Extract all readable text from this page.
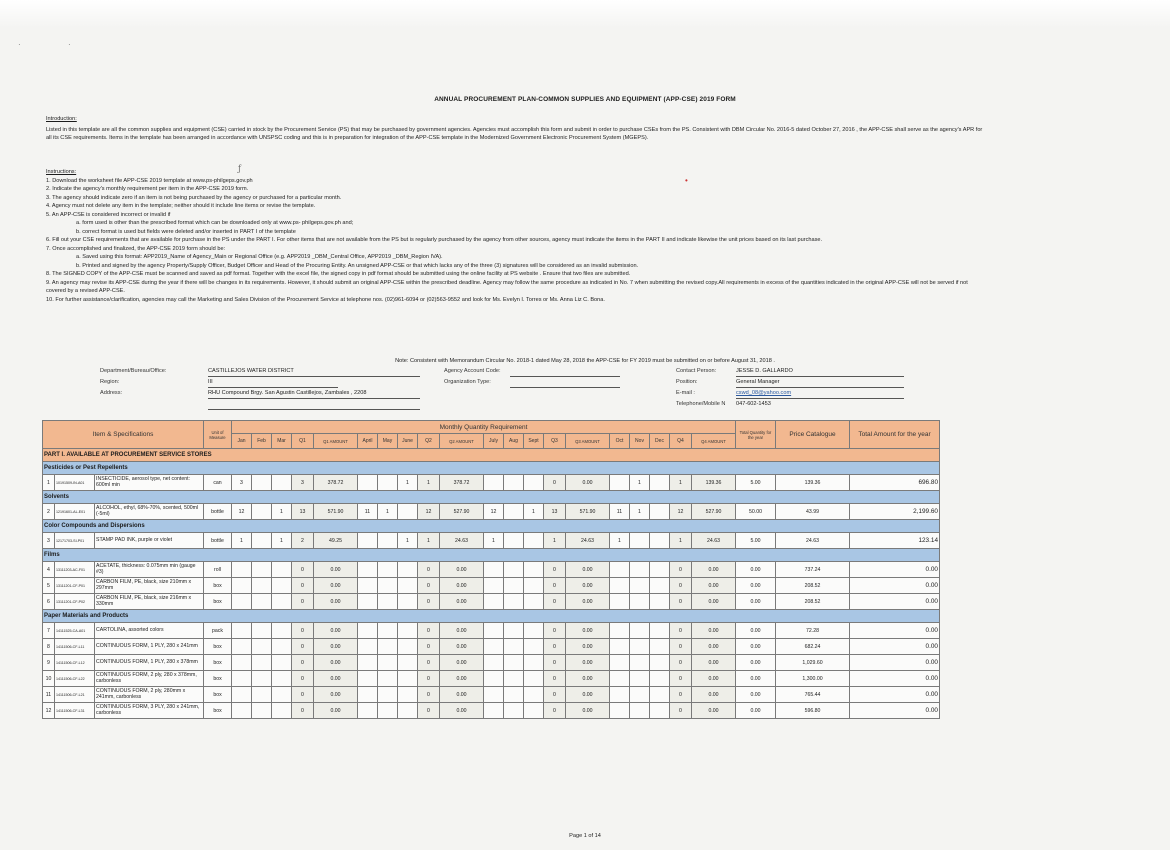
·	·
•
ƒ
ANNUAL PROCUREMENT PLAN-COMMON SUPPLIES AND EQUIPMENT (APP-CSE) 2019 FORM

Introduction:

Listed in this template are all the common supplies and equipment (CSE) carried in stock by the Procurement Service (PS) that may be purchased by government agencies. Agencies must accomplish this form and submit in order to purchase CSEs from the PS. Consistent with DBM Circular No. 2016-5 dated October 27, 2016 , the APP-CSE shall serve as the agency's APR for all its CSE requirements. Items in the template has been arranged in accordance with UNSPSC coding and this is in preparation for integration of the APP-CSE template in the Modernized Government Electronic Procurement System (MGEPS).

Instructions:

1. Download the worksheet file APP-CSE 2019 template at www.ps-philgeps.gov.ph

2. Indicate the agency's monthly requirement per item in the APP-CSE 2019 form.

3. The agency should indicate zero if an item is not being purchased by the agency or purchased for a particular month.

4. Agency must not delete any item in the template; neither should it include line items or revise the template.

5. An APP-CSE is considered incorrect or invalid if

a. form used is other than the prescribed format which can be downloaded only at www.ps- philgeps.gov.ph and;

b. correct format is used but fields were deleted and/or inserted in PART I of the template

6. Fill out your CSE requirements that are available for purchase in the PS under the PART I. For other items that are not available from the PS but is regularly purchased by the agency from other sources, agency must indicate the items in the PART II and indicate likewise the unit prices based on its last purchase.

7. Once accomplished and finalized, the APP-CSE 2019 form should be:

a. Saved using this format: APP2019_Name of Agency_Main or Regional Office (e.g. APP2019 _DBM_Central Office, APP2019 _DBM_Region IVA).

b. Printed and signed by the agency Property/Supply Officer, Budget Officer and Head of the Procuring Entity. An unsigned APP-CSE or that which lacks any of the three (3) signatures will be considered as an invalid submission.

8. The SIGNED COPY of the APP-CSE must be scanned and saved as pdf format. Together with the excel file, the signed copy in pdf format should be submitted using the online facility at PS website . Ensure that two files are submitted.

9. An agency may revise its APP-CSE during the year if there will be changes in its requirements. However, it should submit an original APP-CSE within the prescribed deadline. Agency may follow the same procedure as indicated in No. 7 when submitting the revised copy.All requirements in excess of the quantities indicated in the original APP-CSE will not be served if not covered by a revised APP-CSE.

10. For further assistance/clarification, agencies may call the Marketing and Sales Division of the Procurement Service at telephone nos. (02)961-6094 or (02)563-9552 and look for Ms. Evelyn I. Torres or Ms. Anna Liz C. Bona.

Note: Consistent with Memorandum Circular No. 2018-1 dated May 28, 2018 the APP-CSE for FY 2019 must be submitted on or before August 31, 2018 .
Department/Bureau/Office:	CASTILLEJOS WATER DISTRICT
Region:	III
Address:	RHU Compound Brgy. San Agustin Castillejos, Zambales , 2208
Agency Account Code:
Organization Type:
Contact Person:	JESSE D. GALLARDO
Position:	General Manager
E-mail :	cswd_08@yahoo.com
Telephone/Mobile N	047-602-1453
Item & Specifications			Unit of Measure	Monthly Quantity Requirement																				Total Quantity for the year	Price Catalogue	Total Amount for the year
				Jan	Feb	Mar	Q1	Q1 AMOUNT	April	May	June	Q2	Q2 AMOUNT	July	Aug	Sept	Q3	Q3 AMOUNT	Oct	Nov	Dec	Q4	Q4 AMOUNT			
PART I. AVAILABLE AT PROCUREMENT SERVICE STORES																										
Pesticides or Pest Repellents																										
1	10191509-IN-A01	INSECTICIDE, aerosol type, net content: 600ml min	can	3			3	378.72			1	1	378.72				0	0.00		1		1	139.36	5.00	139.36	696.80
Solvents																										
2	12191601-AL-E01	ALCOHOL, ethyl, 68%-70%, scented, 500ml (-5ml)	bottle	12		1	13	571.90	11	1		12	527.90	12		1	13	571.90	11	1		12	527.90	50.00	43.99	2,199.60
Color Compounds and Dispersions																										
3	12171703-SI-P01	STAMP PAD INK, purple or violet	bottle	1		1	2	49.25			1	1	24.63	1			1	24.63	1			1	24.63	5.00	24.63	123.14
Films																										
4	13111203-AC-F01	ACETATE, thickness: 0.075mm min (gauge #3)	roll				0	0.00				0	0.00				0	0.00				0	0.00	0.00	737.24	0.00
5	13111201-CF-P01	CARBON FILM, PE, black, size 210mm x 297mm	box				0	0.00				0	0.00				0	0.00				0	0.00	0.00	208.52	0.00
6	13111201-CF-P02	CARBON FILM, PE, black, size 216mm x 330mm	box				0	0.00				0	0.00				0	0.00				0	0.00	0.00	208.52	0.00
Paper Materials and Products																										
7	14111525-CA-A01	CARTOLINA, assorted colors	pack				0	0.00				0	0.00				0	0.00				0	0.00	0.00	72.28	0.00
8	14111506-CF-L11	CONTINUOUS FORM, 1 PLY, 280 x 241mm	box				0	0.00				0	0.00				0	0.00				0	0.00	0.00	682.24	0.00
9	14111506-CF-L12	CONTINUOUS FORM, 1 PLY, 280 x 378mm	box				0	0.00				0	0.00				0	0.00				0	0.00	0.00	1,029.60	0.00
10	14111506-CF-L22	CONTINUOUS FORM, 2 ply, 280 x 378mm, carbonless	box				0	0.00				0	0.00				0	0.00				0	0.00	0.00	1,300.00	0.00
11	14111506-CF-L21	CONTINUOUS FORM, 2 ply, 280mm x 241mm, carbonless	box				0	0.00				0	0.00				0	0.00				0	0.00	0.00	765.44	0.00
12	14111506-CF-L31	CONTINUOUS FORM, 3 PLY, 280 x 241mm, carbonless	box				0	0.00				0	0.00				0	0.00				0	0.00	0.00	596.80	0.00
Page 1 of 14
